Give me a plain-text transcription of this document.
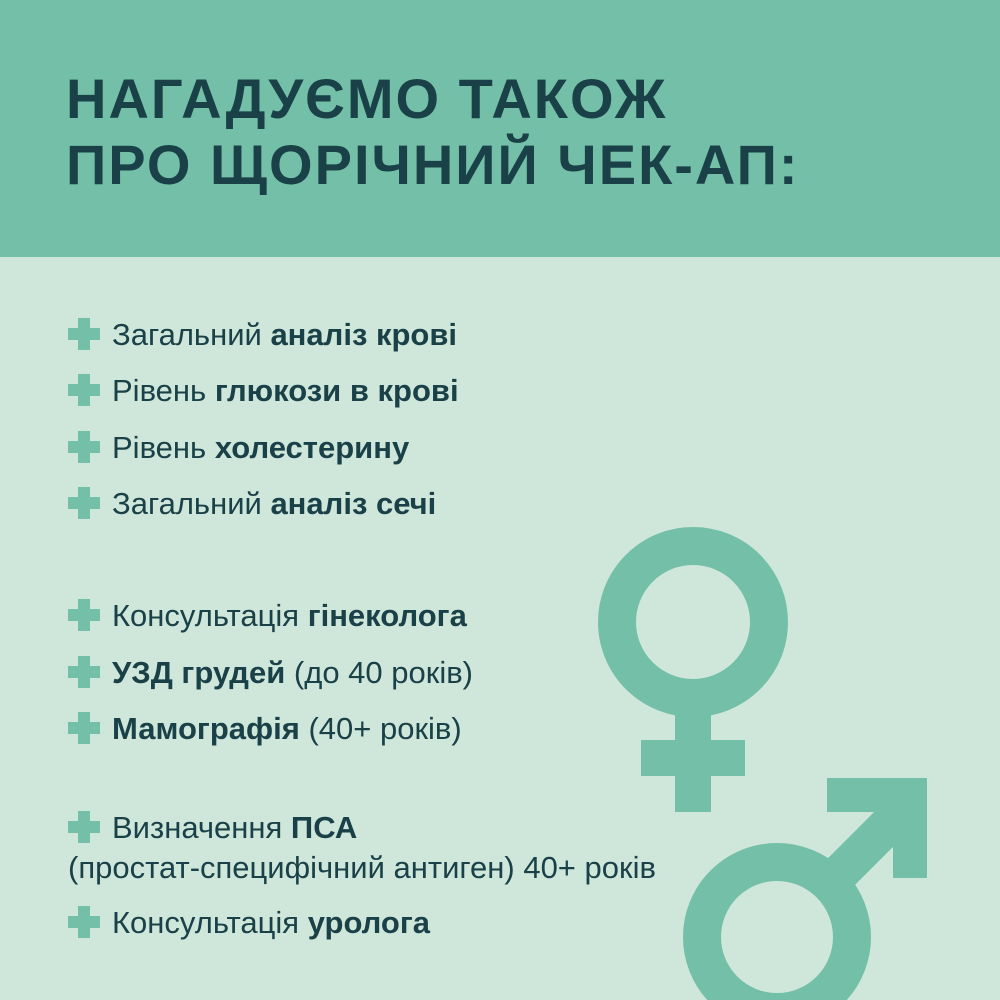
НАГАДУЄМО ТАКОЖ
ПРО ЩОРІЧНИЙ ЧЕК-АП:
Загальний аналіз крові
Рівень глюкози в крові
Рівень холестерину
Загальний аналіз сечі
Консультація гінеколога
УЗД грудей (до 40 років)
Мамографія (40+ років)
Визначення ПСА
(простат-специфічний антиген) 40+ років
Консультація уролога
